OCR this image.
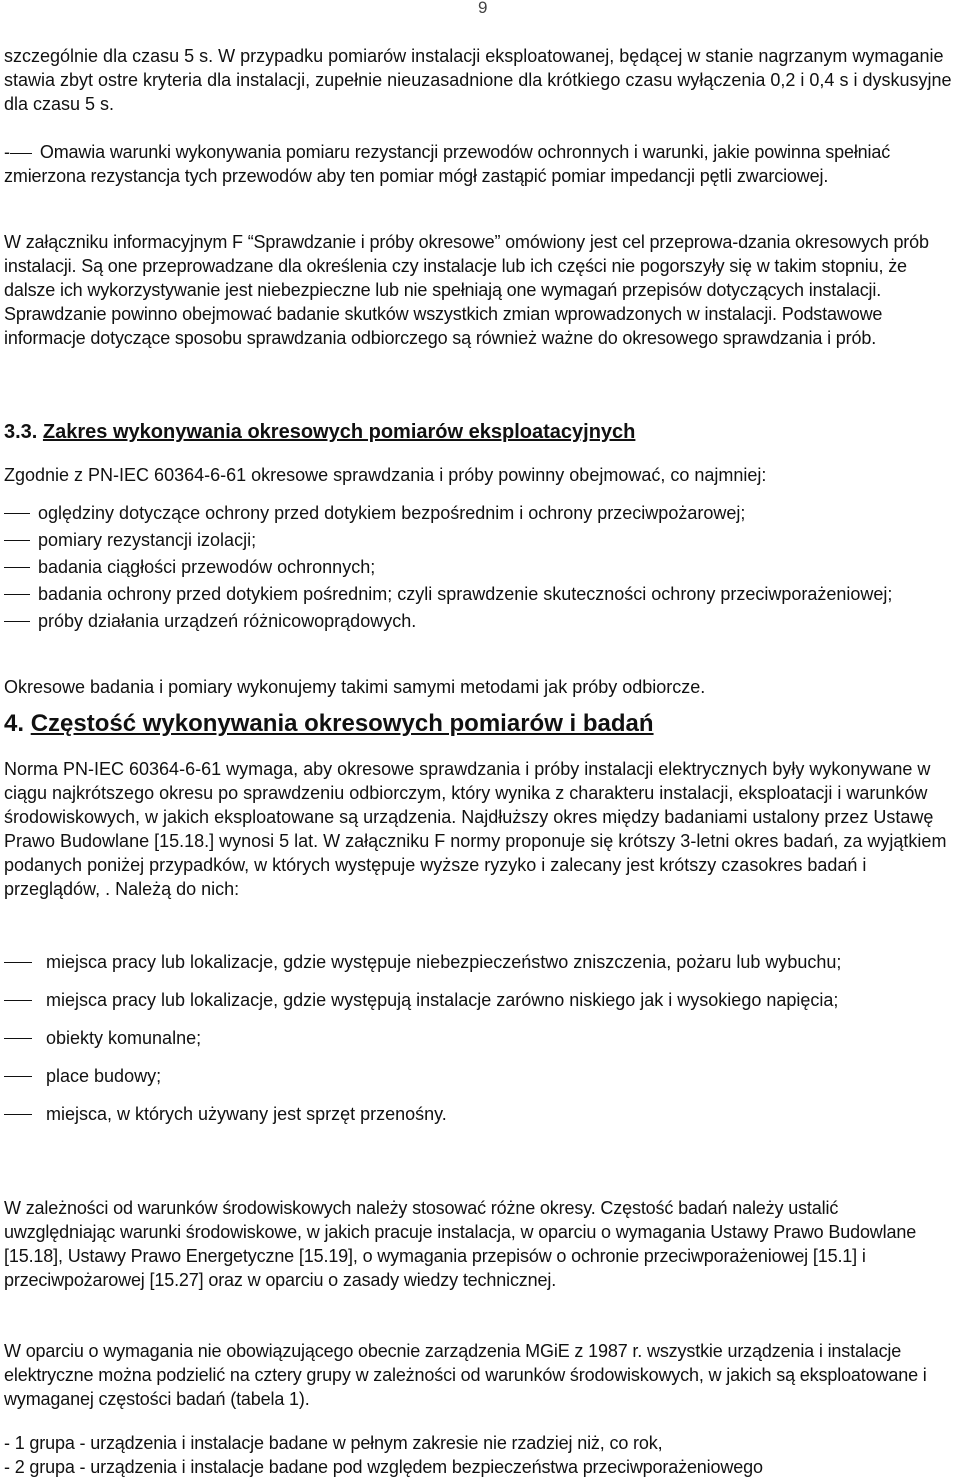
9

szczególnie dla czasu 5 s. W przypadku pomiarów instalacji eksploatowanej, będącej w stanie nagrzanym wymaganie stawia zbyt ostre kryteria dla instalacji, zupełnie nieuzasadnione dla krótkiego czasu wyłączenia 0,2 i 0,4 s i dyskusyjne dla czasu 5 s.

- Omawia warunki wykonywania pomiaru rezystancji przewodów ochronnych i warunki, jakie powinna spełniać zmierzona rezystancja tych przewodów aby ten pomiar mógł zastąpić pomiar impedancji pętli zwarciowej.

W załączniku informacyjnym F “Sprawdzanie i próby okresowe” omówiony jest cel przeprowa-dzania okresowych prób instalacji. Są one przeprowadzane dla określenia czy instalacje lub ich części nie pogorszyły się w takim stopniu, że dalsze ich wykorzystywanie jest niebezpieczne lub nie spełniają one wymagań przepisów dotyczących instalacji. Sprawdzanie powinno obejmować badanie skutków wszystkich zmian wprowadzonych w instalacji. Podstawowe informacje dotyczące sposobu sprawdzania odbiorczego są również ważne do okresowego sprawdzania i prób.

3.3. Zakres wykonywania okresowych pomiarów eksploatacyjnych

Zgodnie z PN-IEC 60364-6-61 okresowe sprawdzania i próby powinny obejmować, co najmniej:

oględziny dotyczące ochrony przed dotykiem bezpośrednim i ochrony przeciwpożarowej;
pomiary rezystancji izolacji;
badania ciągłości przewodów ochronnych;
badania ochrony przed dotykiem pośrednim; czyli sprawdzenie skuteczności ochrony przeciwporażeniowej;
próby działania urządzeń różnicowoprądowych.

Okresowe badania i pomiary wykonujemy takimi samymi metodami jak próby odbiorcze.

4. Częstość wykonywania okresowych pomiarów i badań

Norma PN-IEC 60364-6-61 wymaga, aby okresowe sprawdzania i próby instalacji elektrycznych były wykonywane w ciągu najkrótszego okresu po sprawdzeniu odbiorczym, który wynika z charakteru instalacji, eksploatacji i warunków środowiskowych, w jakich eksploatowane są urządzenia. Najdłuższy okres między badaniami ustalony przez Ustawę Prawo Budowlane [15.18.] wynosi 5 lat. W załączniku F normy proponuje się krótszy 3-letni okres badań, za wyjątkiem podanych poniżej przypadków, w których występuje wyższe ryzyko i zalecany jest krótszy czasokres badań i przeglądów, . Należą do nich:

miejsca pracy lub lokalizacje, gdzie występuje niebezpieczeństwo zniszczenia, pożaru lub wybuchu;
miejsca pracy lub lokalizacje, gdzie występują instalacje zarówno niskiego jak i wysokiego napięcia;
obiekty komunalne;
place budowy;
miejsca, w których używany jest sprzęt przenośny.

W zależności od warunków środowiskowych należy stosować różne okresy. Częstość badań należy ustalić uwzględniając warunki środowiskowe, w jakich pracuje instalacja, w oparciu o wymagania Ustawy Prawo Budowlane [15.18], Ustawy Prawo Energetyczne [15.19], o wymagania przepisów o ochronie przeciwporażeniowej [15.1] i przeciwpożarowej [15.27] oraz w oparciu o zasady wiedzy technicznej.

W oparciu o wymagania nie obowiązującego obecnie zarządzenia MGiE z 1987 r. wszystkie urządzenia i instalacje elektryczne można podzielić na cztery grupy w zależności od warunków środowiskowych, w jakich są eksploatowane i wymaganej częstości badań (tabela 1).

- 1 grupa - urządzenia i instalacje badane w pełnym zakresie nie rzadziej niż, co rok,

- 2 grupa - urządzenia i instalacje badane pod względem bezpieczeństwa przeciwporażeniowego
